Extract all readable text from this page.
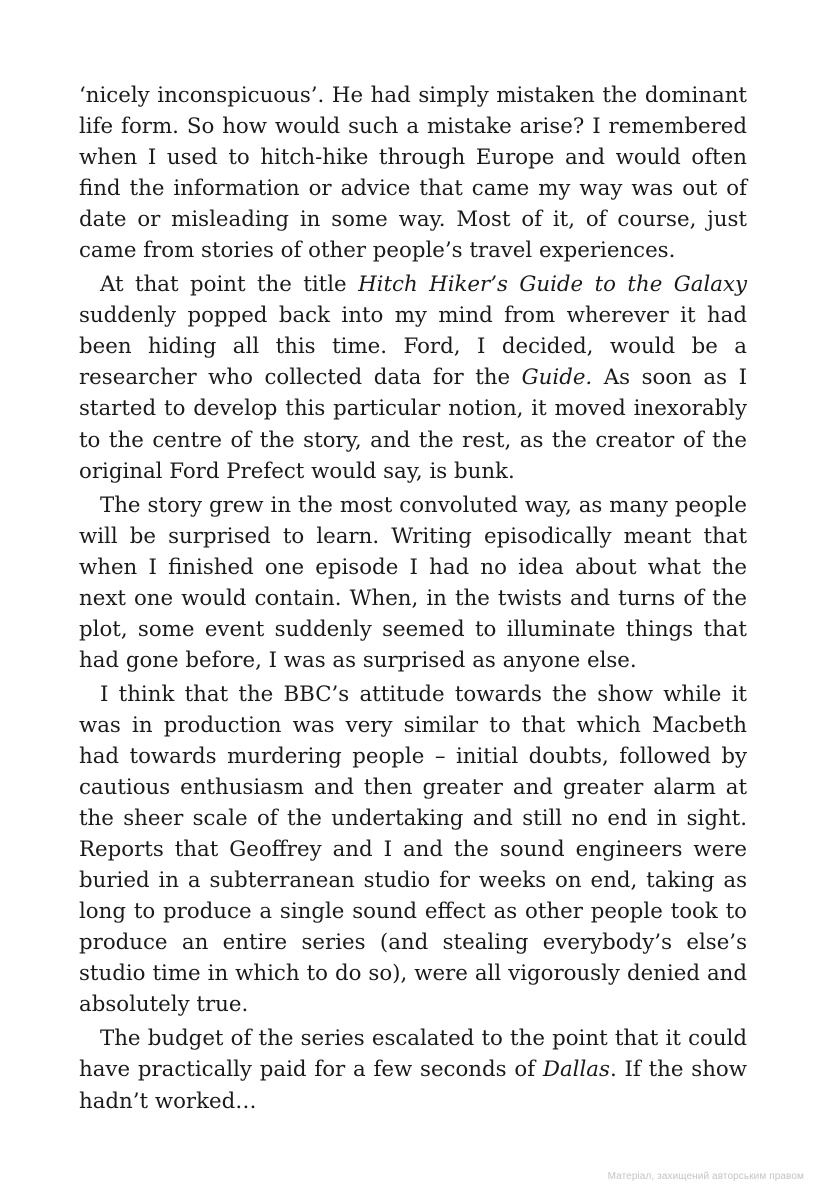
‘nicely inconspicuous’. He had simply mistaken the dominant life form. So how would such a mistake arise? I remembered when I used to hitch-hike through Europe and would often find the information or advice that came my way was out of date or misleading in some way. Most of it, of course, just came from stories of other people’s travel experiences.

At that point the title Hitch Hiker’s Guide to the Galaxy suddenly popped back into my mind from wherever it had been hiding all this time. Ford, I decided, would be a researcher who collected data for the Guide. As soon as I started to develop this particular notion, it moved inexorably to the centre of the story, and the rest, as the creator of the original Ford Prefect would say, is bunk.

The story grew in the most convoluted way, as many people will be surprised to learn. Writing episodically meant that when I finished one episode I had no idea about what the next one would contain. When, in the twists and turns of the plot, some event suddenly seemed to illuminate things that had gone before, I was as surprised as anyone else.

I think that the BBC’s attitude towards the show while it was in production was very similar to that which Macbeth had towards murdering people – initial doubts, followed by cautious enthusiasm and then greater and greater alarm at the sheer scale of the undertaking and still no end in sight. Reports that Geoffrey and I and the sound engineers were buried in a subterranean studio for weeks on end, taking as long to produce a single sound effect as other people took to produce an entire series (and stealing everybody’s else’s studio time in which to do so), were all vigorously denied and absolutely true.

The budget of the series escalated to the point that it could have practically paid for a few seconds of Dallas. If the show hadn’t worked…

Матеріал, захищений авторським правом
